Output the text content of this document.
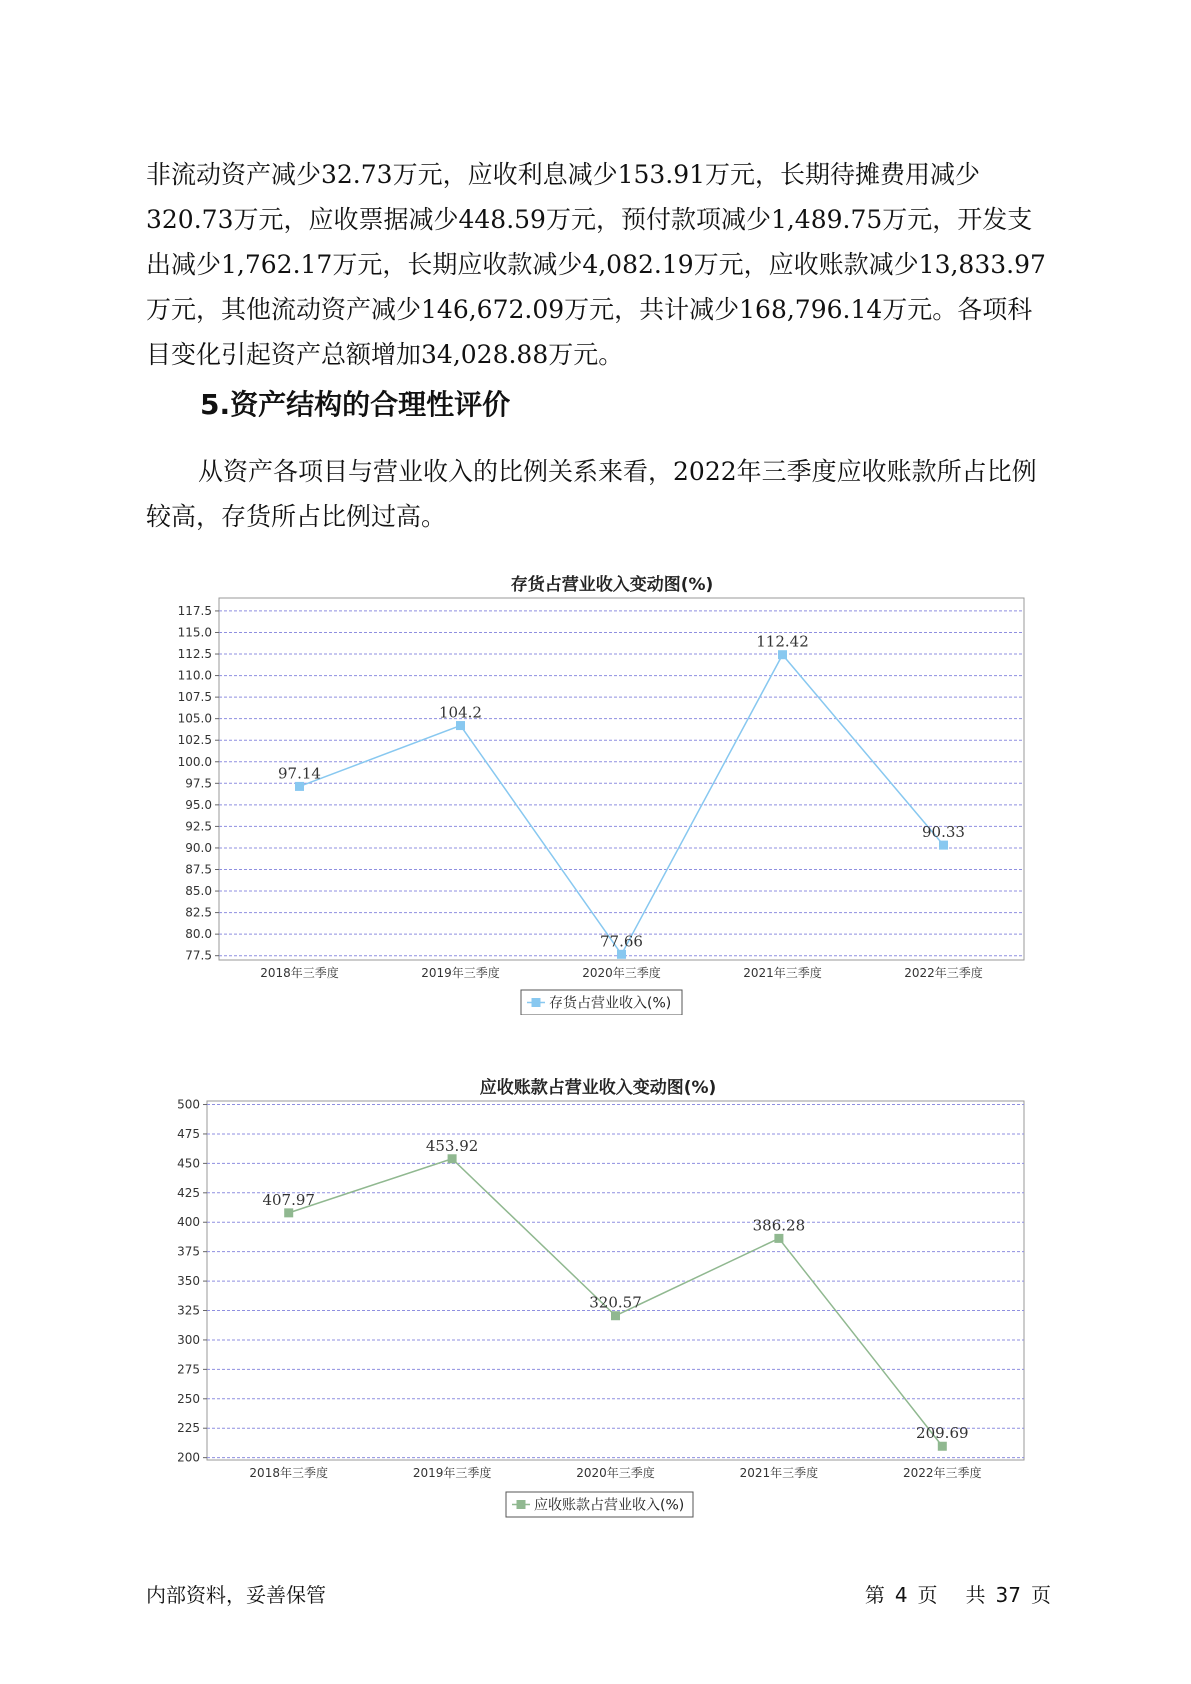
非流动资产减少32.73万元，应收利息减少153.91万元，长期待摊费用减少320.73万元，应收票据减少448.59万元，预付款项减少1,489.75万元，开发支出减少1,762.17万元，长期应收款减少4,082.19万元，应收账款减少13,833.97万元，其他流动资产减少146,672.09万元，共计减少168,796.14万元。各项科目变化引起资产总额增加34,028.88万元。

5.资产结构的合理性评价

从资产各项目与营业收入的比例关系来看，2022年三季度应收账款所占比例较高，存货所占比例过高。

存货占营业收入变动图(%)
77.5
80.0
82.5
85.0
87.5
90.0
92.5
95.0
97.5
100.0
102.5
105.0
107.5
110.0
112.5
115.0
117.5
2018年三季度	2019年三季度	2020年三季度	2021年三季度	2022年三季度
97.14
104.2
77.66
112.42
90.33
存货占营业收入(%)
应收账款占营业收入变动图(%)
200
225
250
275
300
325
350
375
400
425
450
475
500
2018年三季度	2019年三季度	2020年三季度	2021年三季度	2022年三季度
407.97
453.92
320.57
386.28
209.69
应收账款占营业收入(%)
内部资料，妥善保管	第 4 页 共 37 页
